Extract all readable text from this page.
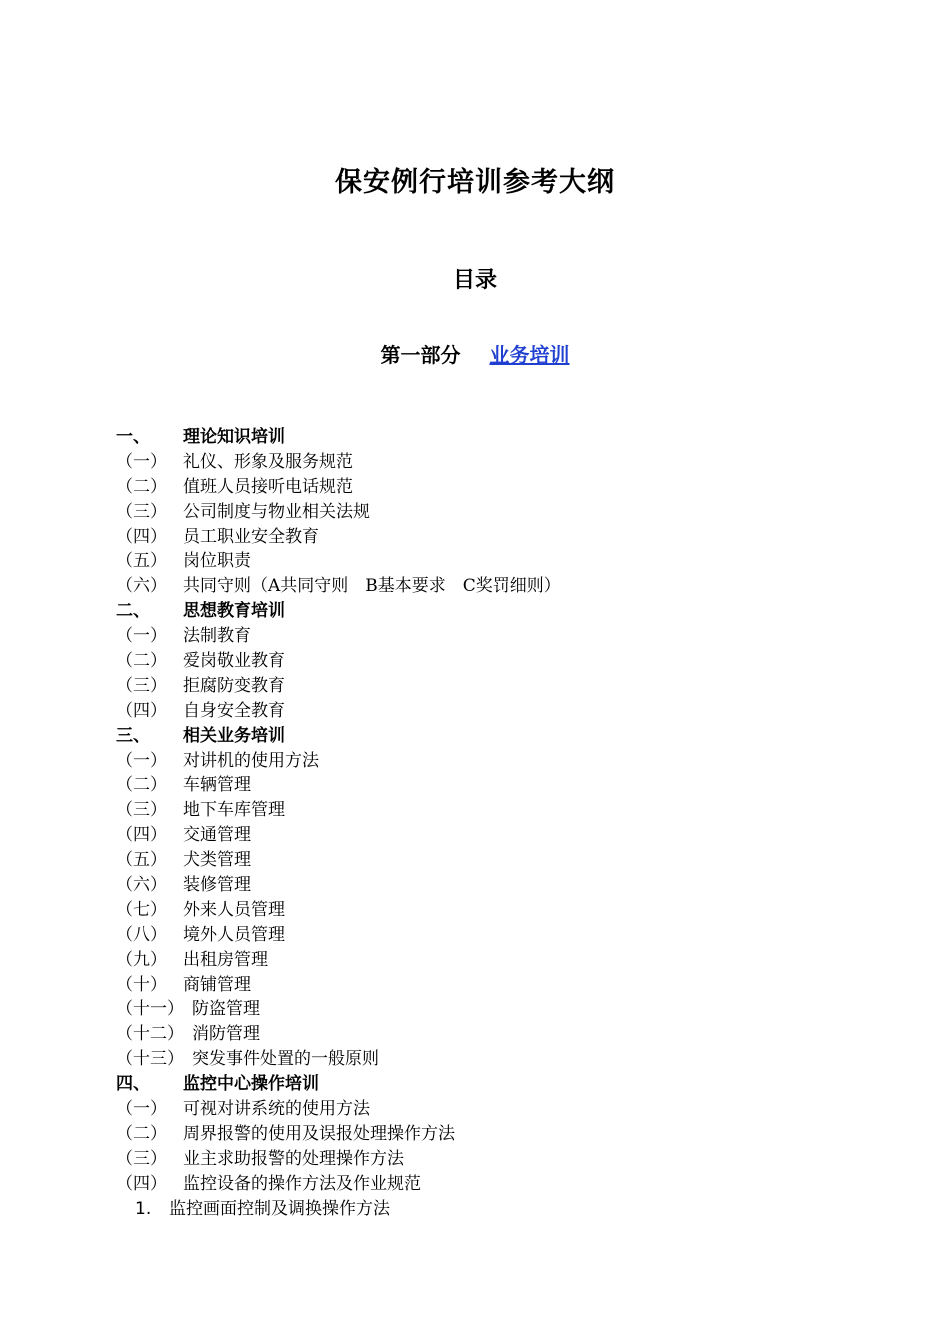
保安例行培训参考大纲
目录
第一部分 业务培训
一、 理论知识培训
（一） 礼仪、形象及服务规范
（二） 值班人员接听电话规范
（三） 公司制度与物业相关法规
（四） 员工职业安全教育
（五） 岗位职责
（六） 共同守则（A共同守则　B基本要求　C奖罚细则）
二、 思想教育培训
（一） 法制教育
（二） 爱岗敬业教育
（三） 拒腐防变教育
（四） 自身安全教育
三、 相关业务培训
（一） 对讲机的使用方法
（二） 车辆管理
（三） 地下车库管理
（四） 交通管理
（五） 犬类管理
（六） 装修管理
（七） 外来人员管理
（八） 境外人员管理
（九） 出租房管理
（十） 商铺管理
（十一） 防盗管理
（十二） 消防管理
（十三） 突发事件处置的一般原则
四、 监控中心操作培训
（一） 可视对讲系统的使用方法
（二） 周界报警的使用及误报处理操作方法
（三） 业主求助报警的处理操作方法
（四） 监控设备的操作方法及作业规范
1. 监控画面控制及调换操作方法
